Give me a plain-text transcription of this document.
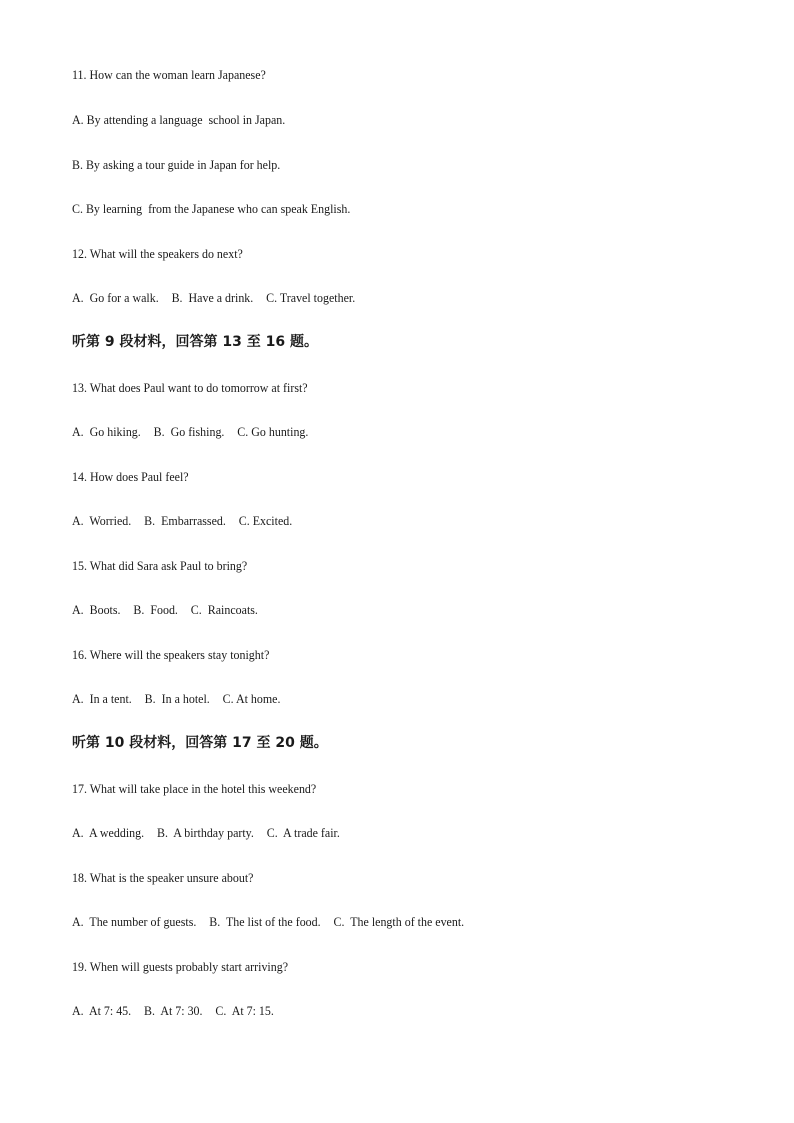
11. How can the woman learn Japanese?
A. By attending a language  school in Japan.
B. By asking a tour guide in Japan for help.
C. By learning  from the Japanese who can speak English.
12. What will the speakers do next?
A.  Go for a walk. B.  Have a drink. C. Travel together.
听第 9 段材料，回答第 13 至 16 题。
13. What does Paul want to do tomorrow at first?
A.  Go hiking. B.  Go fishing. C. Go hunting.
14. How does Paul feel?
A.  Worried. B.  Embarrassed. C. Excited.
15. What did Sara ask Paul to bring?
A.  Boots. B.  Food. C.  Raincoats.
16. Where will the speakers stay tonight?
A.  In a tent. B.  In a hotel. C. At home.
听第 10 段材料，回答第 17 至 20 题。
17. What will take place in the hotel this weekend?
A.  A wedding. B.  A birthday party. C.  A trade fair.
18. What is the speaker unsure about?
A.  The number of guests. B.  The list of the food. C.  The length of the event.
19. When will guests probably start arriving?
A.  At 7: 45. B.  At 7: 30. C.  At 7: 15.
